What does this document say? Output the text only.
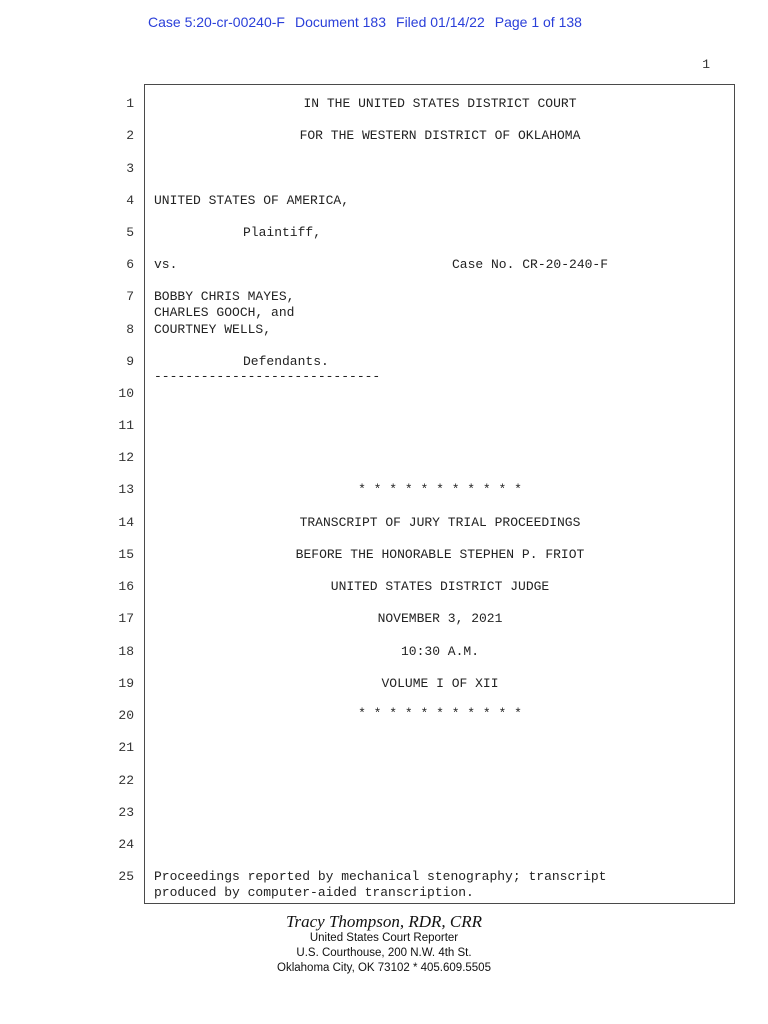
Case 5:20-cr-00240-F Document 183 Filed 01/14/22 Page 1 of 138
1
1
2
3
4
5
6
7
8
9
10
11
12
13
14
15
16
17
18
19
20
21
22
23
24
25
IN THE UNITED STATES DISTRICT COURT
FOR THE WESTERN DISTRICT OF OKLAHOMA
UNITED STATES OF AMERICA,
Plaintiff,
vs.	Case No. CR-20-240-F
BOBBY CHRIS MAYES,
CHARLES GOOCH, and
COURTNEY WELLS,
Defendants.
-----------------------------
* * * * * * * * * * *
TRANSCRIPT OF JURY TRIAL PROCEEDINGS
BEFORE THE HONORABLE STEPHEN P. FRIOT
UNITED STATES DISTRICT JUDGE
NOVEMBER 3, 2021
10:30 A.M.
VOLUME I OF XII
* * * * * * * * * * *
Proceedings reported by mechanical stenography; transcript
produced by computer-aided transcription.
Tracy Thompson, RDR, CRR
United States Court Reporter
U.S. Courthouse, 200 N.W. 4th St.
Oklahoma City, OK 73102 * 405.609.5505
